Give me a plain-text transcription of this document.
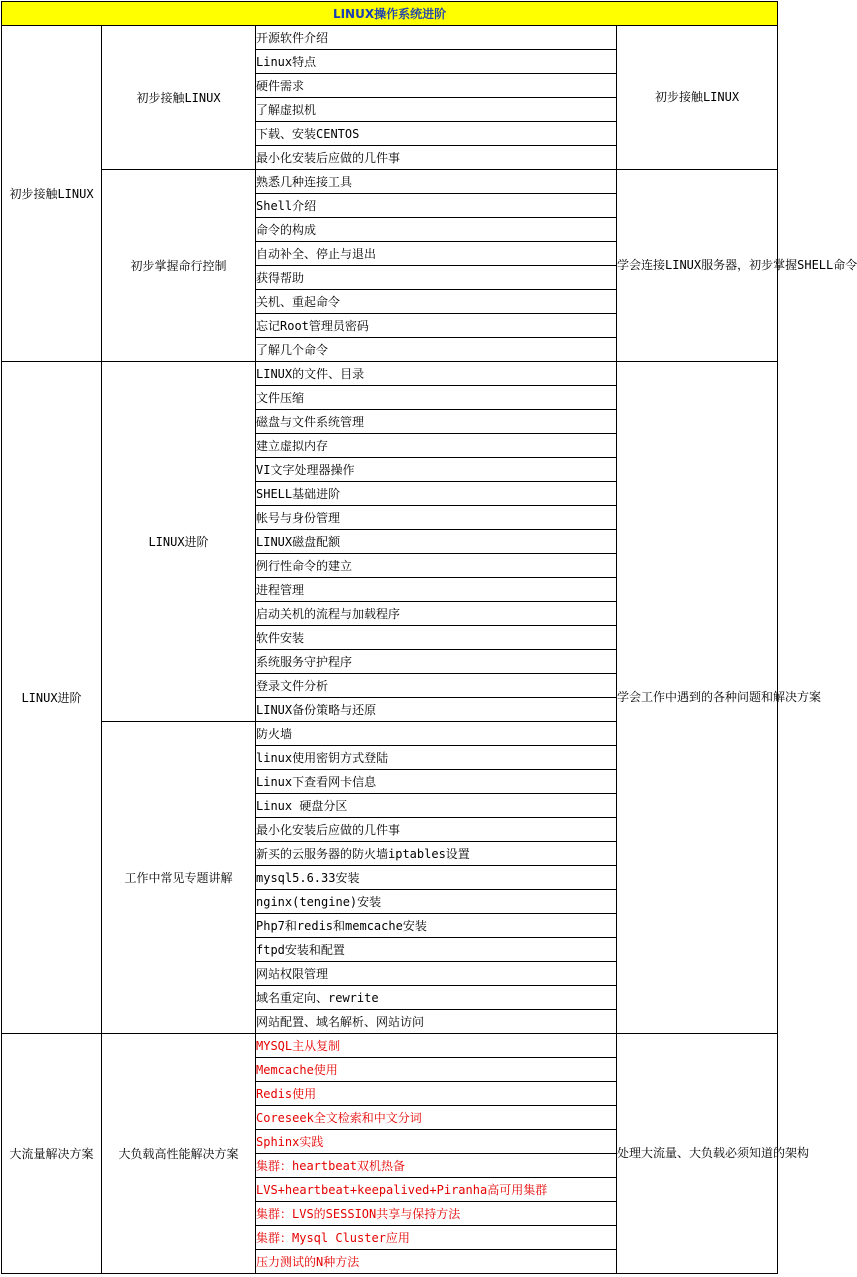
LINUX操作系统进阶			
初步接触LINUX	初步接触LINUX	开源软件介绍	初步接触LINUX
		Linux特点	
		硬件需求	
		了解虚拟机	
		下载、安装CENTOS	
		最小化安装后应做的几件事	
	初步掌握命行控制	熟悉几种连接工具	学会连接LINUX服务器，初步掌握SHELL命令
		Shell介绍	
		命令的构成	
		自动补全、停止与退出	
		获得帮助	
		关机、重起命令	
		忘记Root管理员密码	
		了解几个命令	
LINUX进阶	LINUX进阶	LINUX的文件、目录	学会工作中遇到的各种问题和解决方案
		文件压缩	
		磁盘与文件系统管理	
		建立虚拟内存	
		VI文字处理器操作	
		SHELL基础进阶	
		帐号与身份管理	
		LINUX磁盘配额	
		例行性命令的建立	
		进程管理	
		启动关机的流程与加载程序	
		软件安装	
		系统服务守护程序	
		登录文件分析	
		LINUX备份策略与还原	
	工作中常见专题讲解	防火墙	
		linux使用密钥方式登陆	
		Linux下查看网卡信息	
		Linux 硬盘分区	
		最小化安装后应做的几件事	
		新买的云服务器的防火墙iptables设置	
		mysql5.6.33安装	
		nginx(tengine)安装	
		Php7和redis和memcache安装	
		ftpd安装和配置	
		网站权限管理	
		域名重定向、rewrite	
		网站配置、域名解析、网站访问	
大流量解决方案	大负载高性能解决方案	MYSQL主从复制	处理大流量、大负载必须知道的架构
		Memcache使用	
		Redis使用	
		Coreseek全文检索和中文分词	
		Sphinx实践	
		集群：heartbeat双机热备	
		LVS+heartbeat+keepalived+Piranha高可用集群	
		集群：LVS的SESSION共享与保持方法	
		集群：Mysql Cluster应用	
		压力测试的N种方法	
